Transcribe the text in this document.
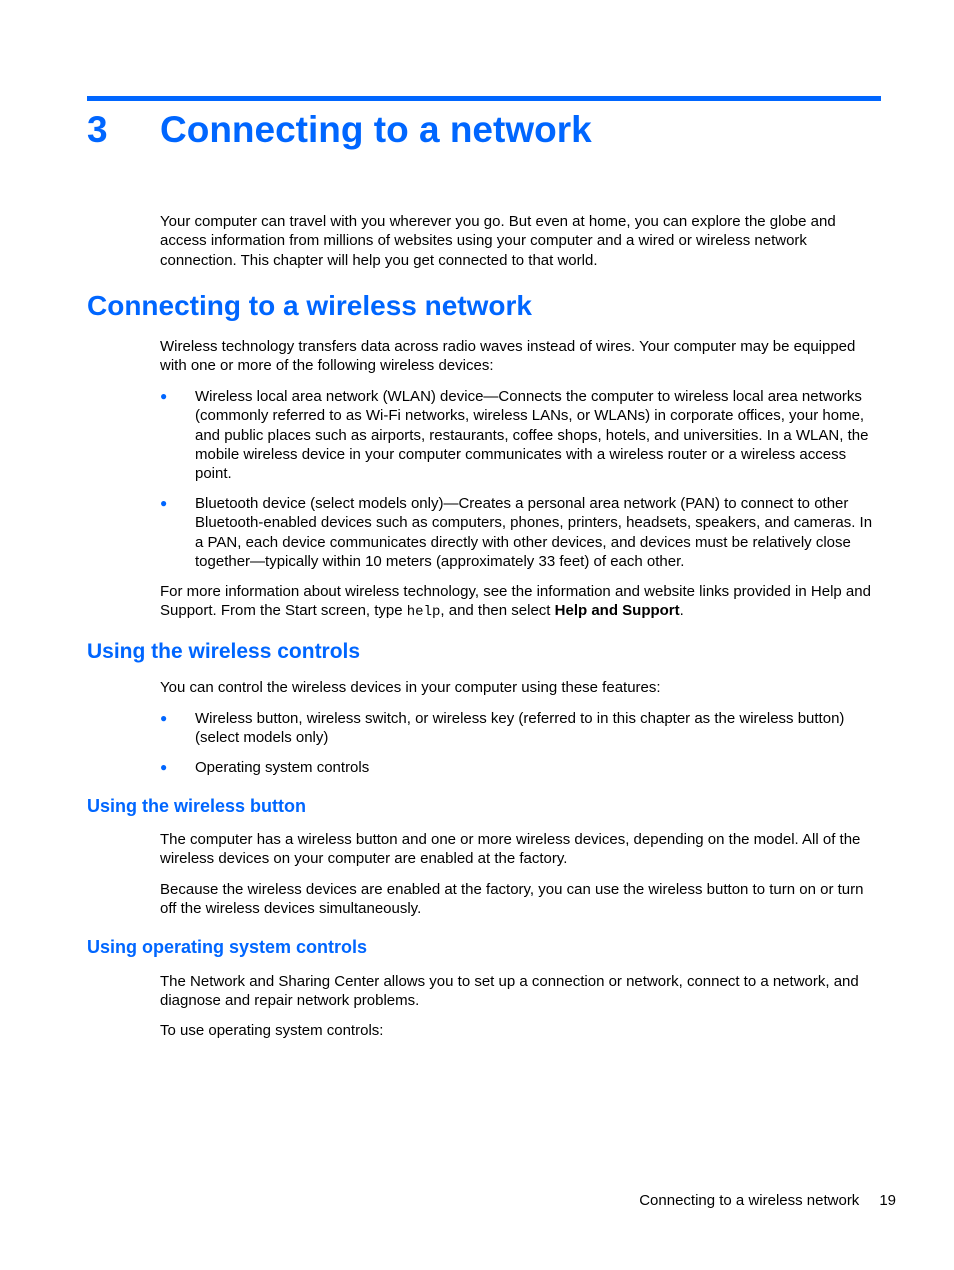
3 Connecting to a network

Your computer can travel with you wherever you go. But even at home, you can explore the globe and access information from millions of websites using your computer and a wired or wireless network connection. This chapter will help you get connected to that world.

Connecting to a wireless network

Wireless technology transfers data across radio waves instead of wires. Your computer may be equipped with one or more of the following wireless devices:

● Wireless local area network (WLAN) device—Connects the computer to wireless local area networks (commonly referred to as Wi-Fi networks, wireless LANs, or WLANs) in corporate offices, your home, and public places such as airports, restaurants, coffee shops, hotels, and universities. In a WLAN, the mobile wireless device in your computer communicates with a wireless router or a wireless access point.
● Bluetooth device (select models only)—Creates a personal area network (PAN) to connect to other Bluetooth-enabled devices such as computers, phones, printers, headsets, speakers, and cameras. In a PAN, each device communicates directly with other devices, and devices must be relatively close together—typically within 10 meters (approximately 33 feet) of each other.

For more information about wireless technology, see the information and website links provided in Help and Support. From the Start screen, type help, and then select Help and Support.

Using the wireless controls

You can control the wireless devices in your computer using these features:

● Wireless button, wireless switch, or wireless key (referred to in this chapter as the wireless button) (select models only)
● Operating system controls
Using the wireless button

The computer has a wireless button and one or more wireless devices, depending on the model. All of the wireless devices on your computer are enabled at the factory.

Because the wireless devices are enabled at the factory, you can use the wireless button to turn on or turn off the wireless devices simultaneously.

Using operating system controls

The Network and Sharing Center allows you to set up a connection or network, connect to a network, and diagnose and repair network problems.

To use operating system controls:

Connecting to a wireless network 19
